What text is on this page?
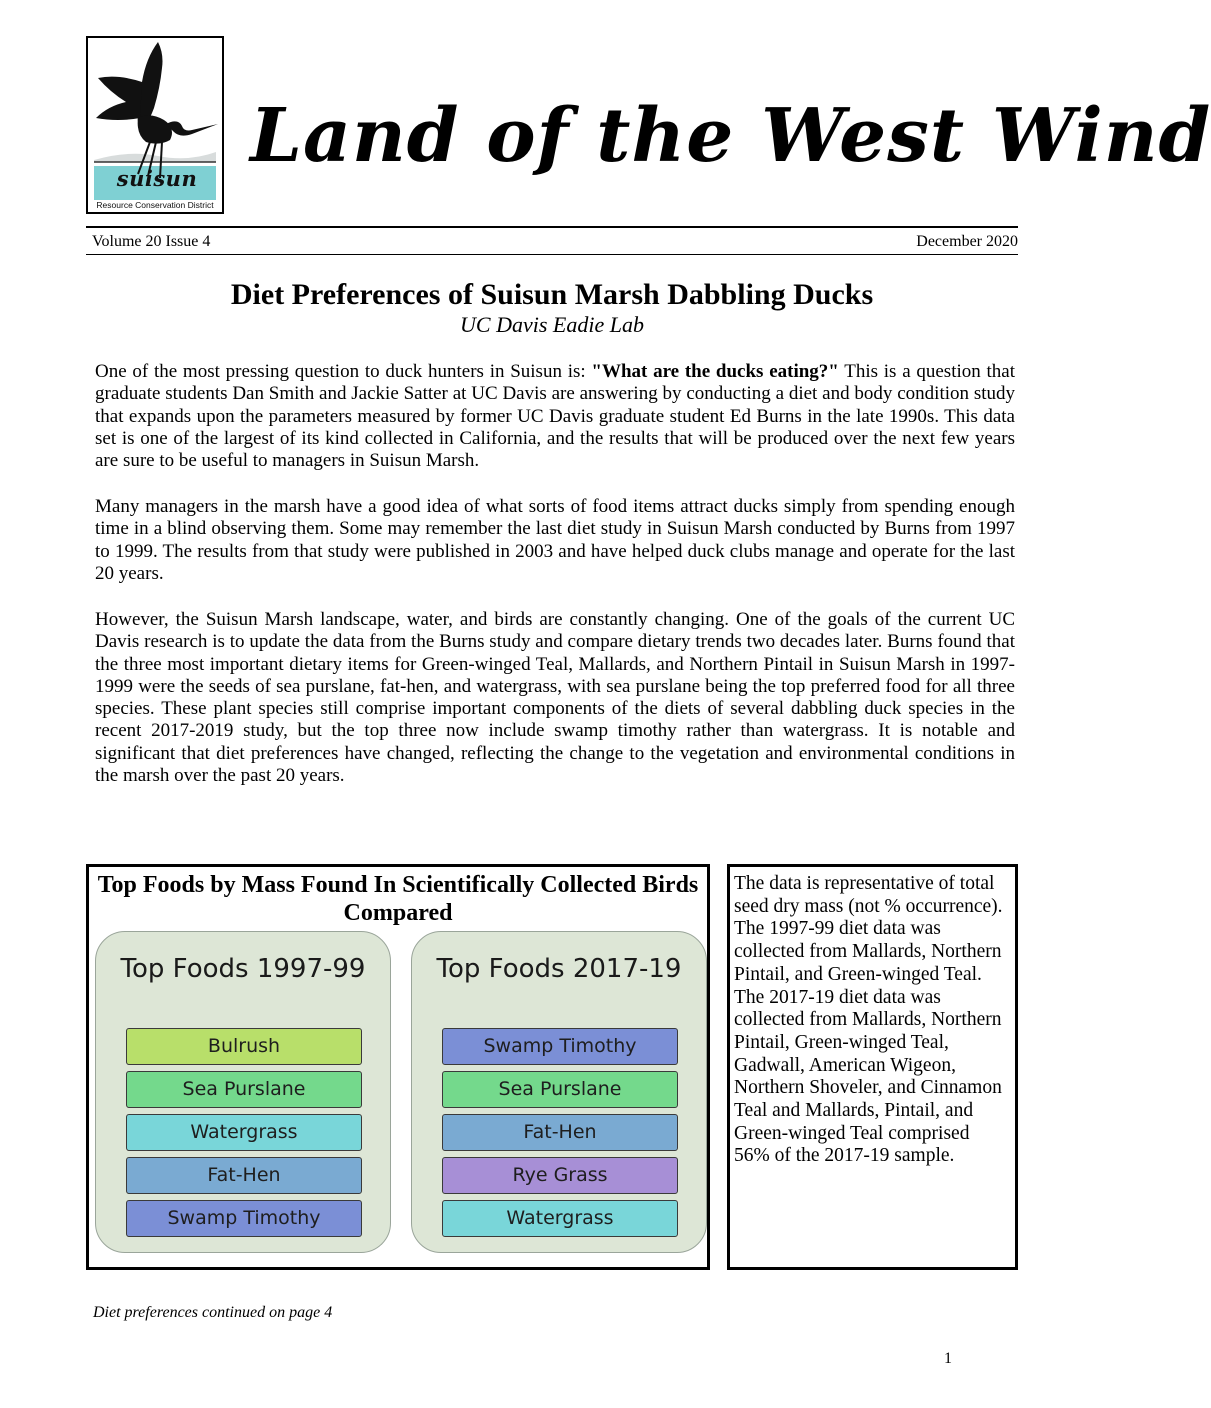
suisun
Resource Conservation District
Land of the West Wind
Volume 20 Issue 4	December 2020
Diet Preferences of Suisun Marsh Dabbling Ducks
UC Davis Eadie Lab
One of the most pressing question to duck hunters in Suisun is: "What are the ducks eating?" This is a question that graduate students Dan Smith and Jackie Satter at UC Davis are answering by conducting a diet and body condition study that expands upon the parameters measured by former UC Davis graduate student Ed Burns in the late 1990s. This data set is one of the largest of its kind collected in California, and the results that will be produced over the next few years are sure to be useful to managers in Suisun Marsh.
Many managers in the marsh have a good idea of what sorts of food items attract ducks simply from spending enough time in a blind observing them. Some may remember the last diet study in Suisun Marsh conducted by Burns from 1997 to 1999. The results from that study were published in 2003 and have helped duck clubs manage and operate for the last 20 years.
However, the Suisun Marsh landscape, water, and birds are constantly changing. One of the goals of the current UC Davis research is to update the data from the Burns study and compare dietary trends two decades later. Burns found that the three most important dietary items for Green-winged Teal, Mallards, and Northern Pintail in Suisun Marsh in 1997-1999 were the seeds of sea purslane, fat-hen, and watergrass, with sea purslane being the top preferred food for all three species. These plant species still comprise important components of the diets of several dabbling duck species in the recent 2017-2019 study, but the top three now include swamp timothy rather than watergrass. It is notable and significant that diet preferences have changed, reflecting the change to the vegetation and environmental conditions in the marsh over the past 20 years.
Top Foods by Mass Found In Scientifically Collected Birds Compared
Top Foods 1997-99
Bulrush
Sea Purslane
Watergrass
Fat-Hen
Swamp Timothy
Top Foods 2017-19
Swamp Timothy
Sea Purslane
Fat-Hen
Rye Grass
Watergrass
The data is representative of total seed dry mass (not % occurrence). The 1997-99 diet data was collected from Mallards, Northern Pintail, and Green-winged Teal. The 2017-19 diet data was collected from Mallards, Northern Pintail, Green-winged Teal, Gadwall, American Wigeon, Northern Shoveler, and Cinnamon Teal and Mallards, Pintail, and Green-winged Teal comprised 56% of the 2017-19 sample.
Diet preferences continued on page 4
1
